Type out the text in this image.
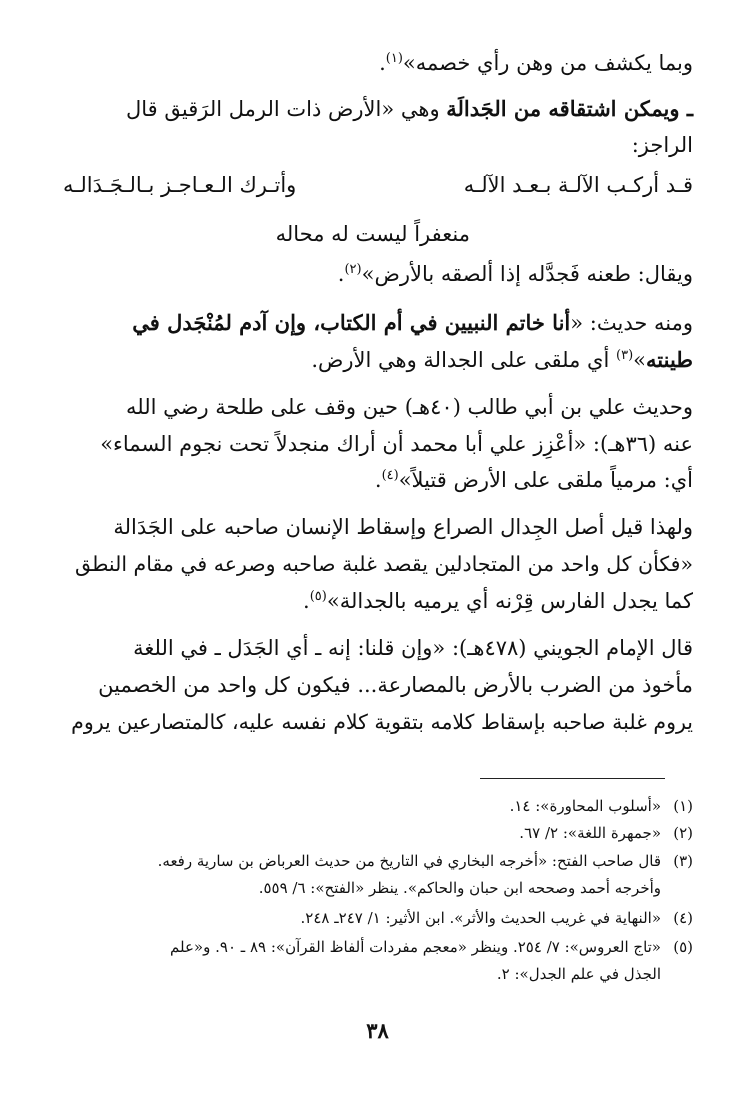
وبما يكشف من وهن رأي خصمه»$^{(١)}$.
ـ ويمكن اشتقاقه من الجَدالَة وهي «الأرض ذات الرمل الرَقيق قال
الراجز:
قـد أركـب الآلـة بـعـد الآلـه
وأتـرك الـعـاجـز بـالـجَـدَالـه
منعفراً ليست له محاله
ويقال: طعنه فَجدَّله إذا ألصقه بالأرض»$^{(٢)}$.
ومنه حديث: «أنا خاتم النبيين في أم الكتاب، وإن آدم لمُنْجَدل في
طينته»$^{(٣)}$ أي ملقى على الجدالة وهي الأرض.
وحديث علي بن أبي طالب (٤٠هـ) حين وقف على طلحة رضي الله
عنه (٣٦هـ): «أعْزِز علي أبا محمد أن أراك منجدلاً تحت نجوم السماء»
أي: مرمياً ملقى على الأرض قتيلاً»$^{(٤)}$.
ولهذا قيل أصل الجِدال الصراع وإسقاط الإنسان صاحبه على الجَدَالة
«فكأن كل واحد من المتجادلين يقصد غلبة صاحبه وصرعه في مقام النطق
كما يجدل الفارس قِرْنه أي يرميه بالجدالة»$^{(٥)}$.
قال الإمام الجويني (٤٧٨هـ): «وإن قلنا: إنه ـ أي الجَدَل ـ في اللغة
مأخوذ من الضرب بالأرض بالمصارعة... فيكون كل واحد من الخصمين
يروم غلبة صاحبه بإسقاط كلامه بتقوية كلام نفسه عليه، كالمتصارعين يروم
(١)«أسلوب المحاورة»: ١٤.
(٢)«جمهرة اللغة»: ٢/ ٦٧.
(٣)قال صاحب الفتح: «أخرجه البخاري في التاريخ من حديث العرباض بن سارية رفعه.
وأخرجه أحمد وصححه ابن حبان والحاكم». ينظر «الفتح»: ٦/ ٥٥٩.
(٤)«النهاية في غريب الحديث والأثر». ابن الأثير: ١/ ٢٤٧ـ ٢٤٨.
(٥)«تاج العروس»: ٧/ ٢٥٤. وينظر «معجم مفردات ألفاظ القرآن»: ٨٩ ـ ٩٠. و«علم
الجذل في علم الجدل»: ٢.
٣٨
